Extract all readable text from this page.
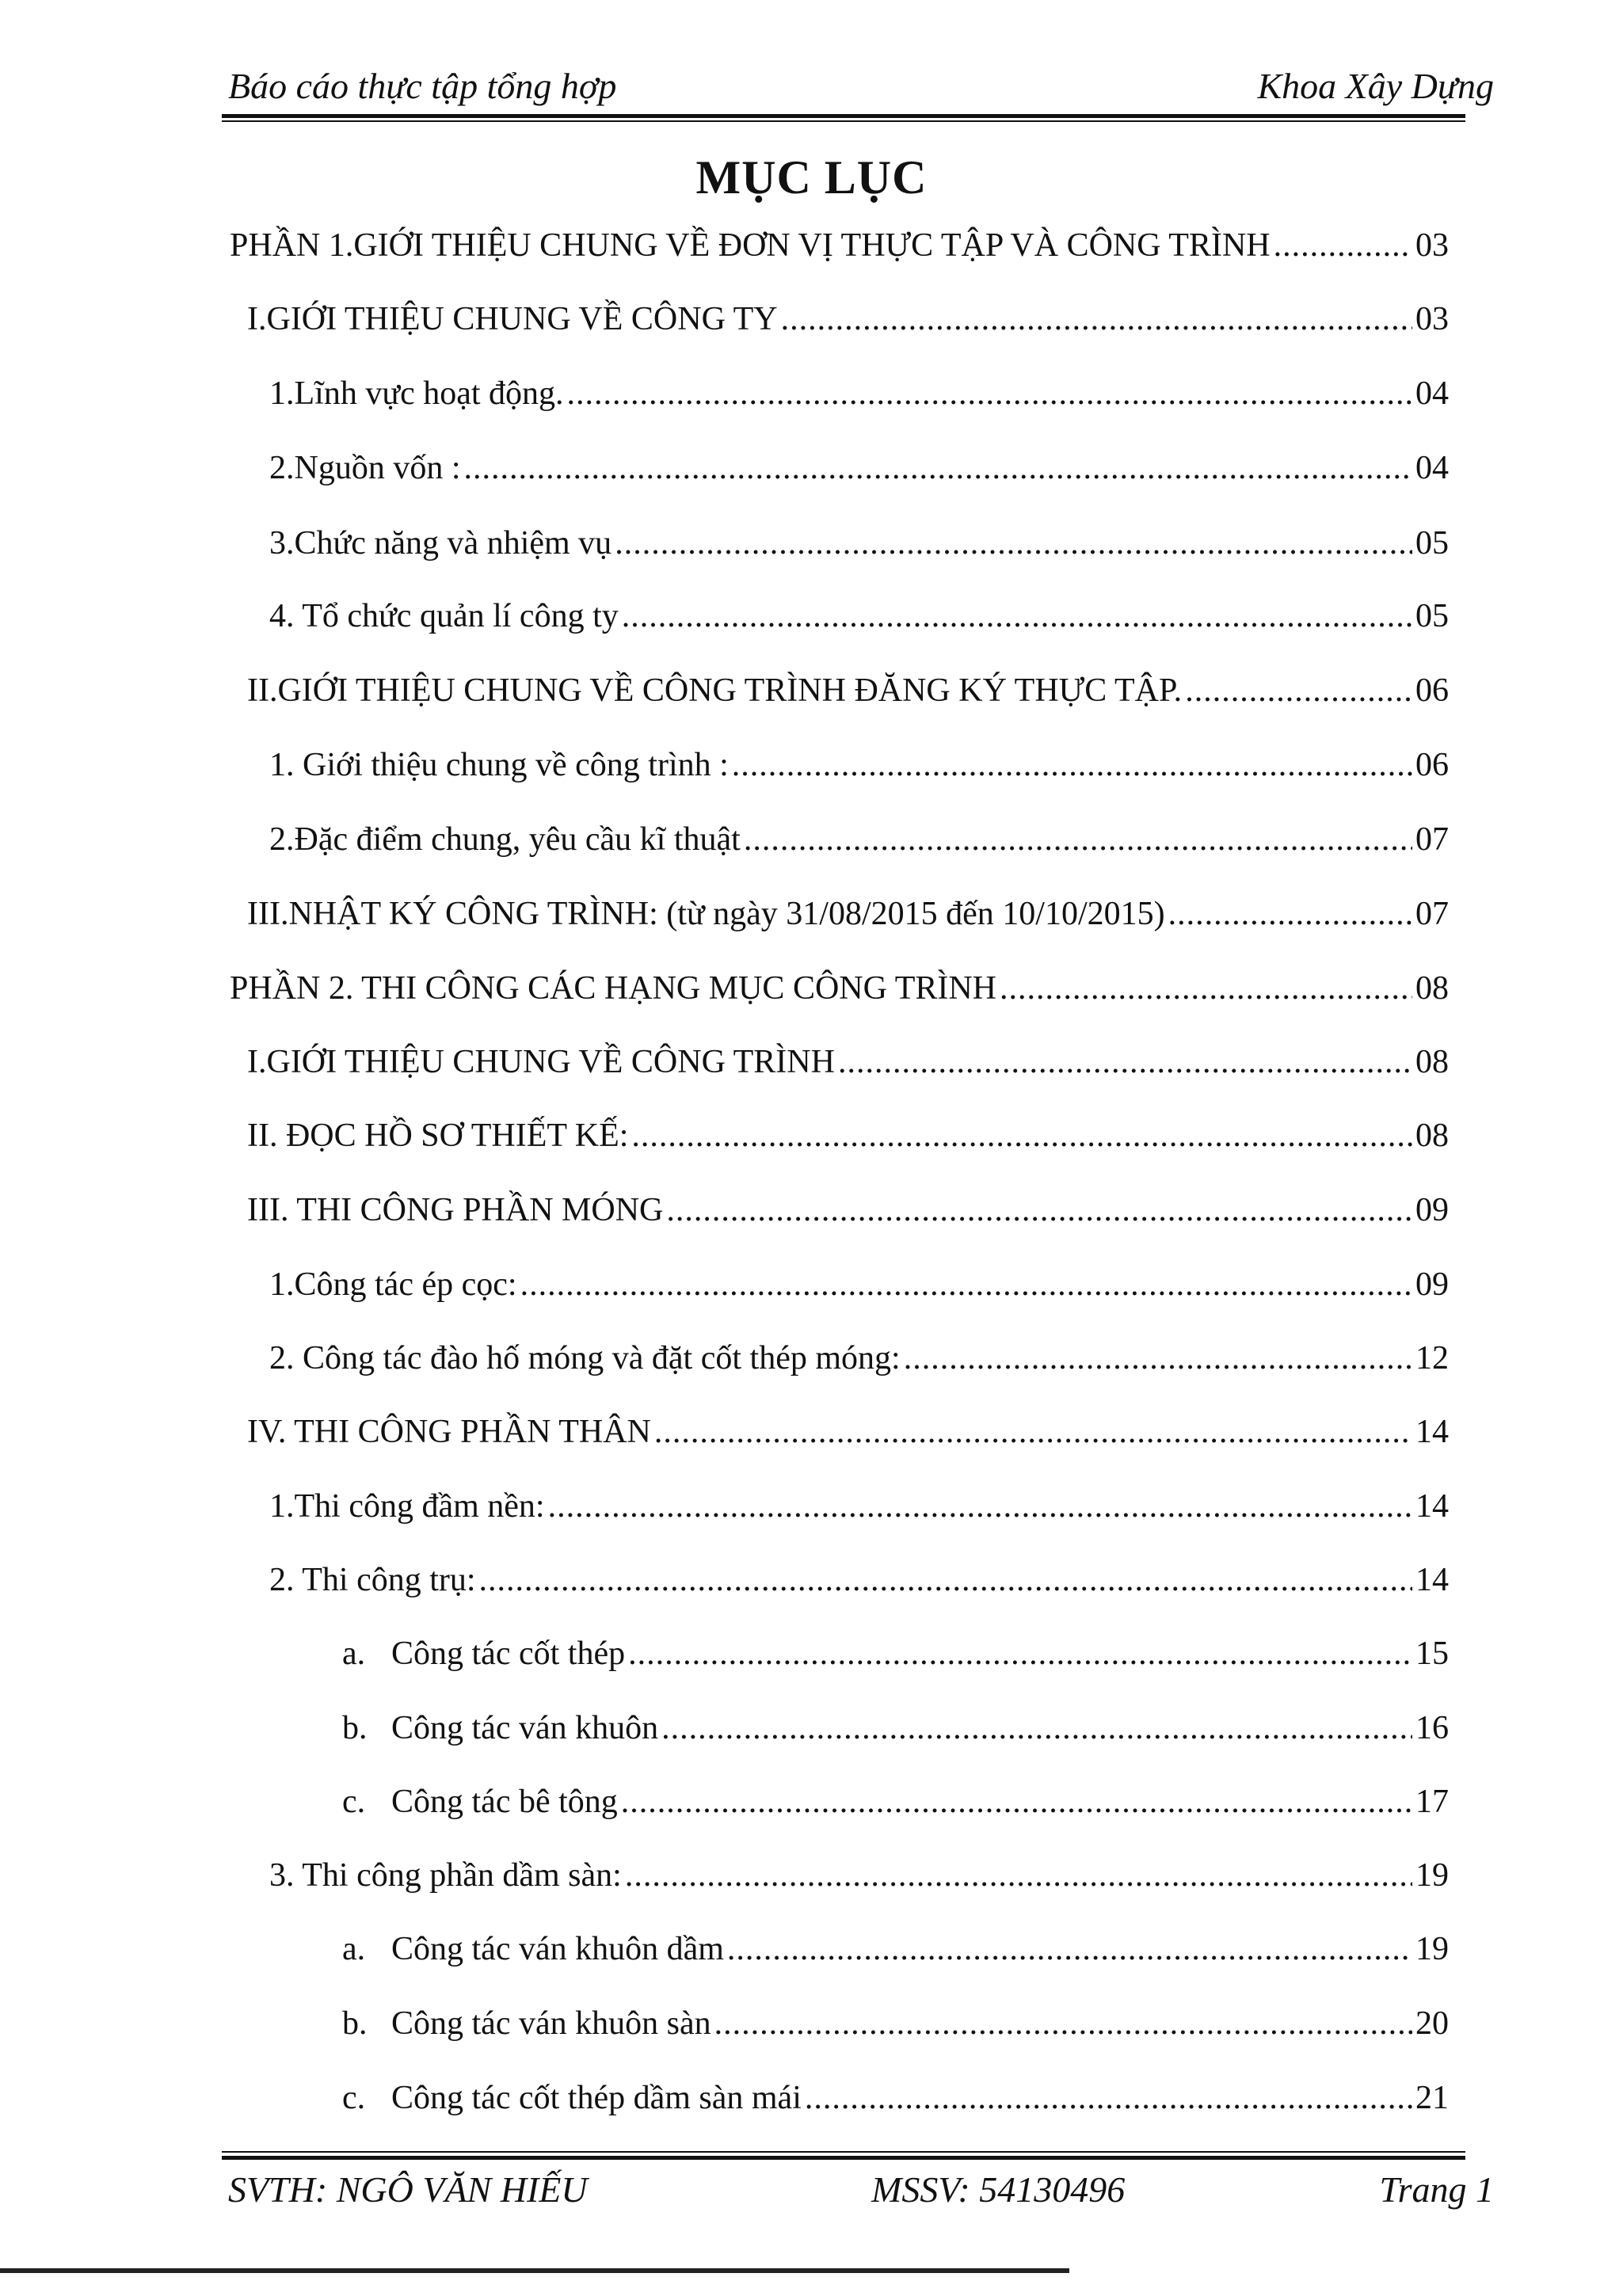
Báo cáo thực tập tổng hợp	Khoa Xây Dựng
MỤC LỤC
PHẦN 1.GIỚI THIỆU CHUNG VỀ ĐƠN VỊ THỰC TẬP VÀ CÔNG TRÌNH .....	03
I.GIỚI THIỆU CHUNG VỀ CÔNG TY .....	03
1.Lĩnh vực hoạt động. .....	04
2.Nguồn vốn : .....	04
3.Chức năng và nhiệm vụ .....	05
4. Tổ chức quản lí công ty .....	05
II.GIỚI THIỆU CHUNG VỀ CÔNG TRÌNH ĐĂNG KÝ THỰC TẬP. .....	06
1. Giới thiệu chung về công trình : .....	06
2.Đặc điểm chung, yêu cầu kĩ thuật .....	07
III.NHẬT KÝ CÔNG TRÌNH: (từ ngày 31/08/2015 đến 10/10/2015) .....	07
PHẦN 2. THI CÔNG CÁC HẠNG MỤC CÔNG TRÌNH .....	08
I.GIỚI THIỆU CHUNG VỀ CÔNG TRÌNH .....	08
II. ĐỌC HỒ SƠ THIẾT KẾ: .....	08
III. THI CÔNG PHẦN MÓNG .....	09
1.Công tác ép cọc: .....	09
2. Công tác đào hố móng và đặt cốt thép móng: .....	12
IV. THI CÔNG PHẦN THÂN .....	14
1.Thi công đầm nền: .....	14
2. Thi công trụ: .....	14
a. Công tác cốt thép .....	15
b. Công tác ván khuôn .....	16
c. Công tác bê tông .....	17
3. Thi công phần dầm sàn: .....	19
a. Công tác ván khuôn dầm .....	19
b. Công tác ván khuôn sàn .....	20
c. Công tác cốt thép dầm sàn mái .....	21
SVTH: NGÔ VĂN HIẾU	MSSV: 54130496	Trang 1
